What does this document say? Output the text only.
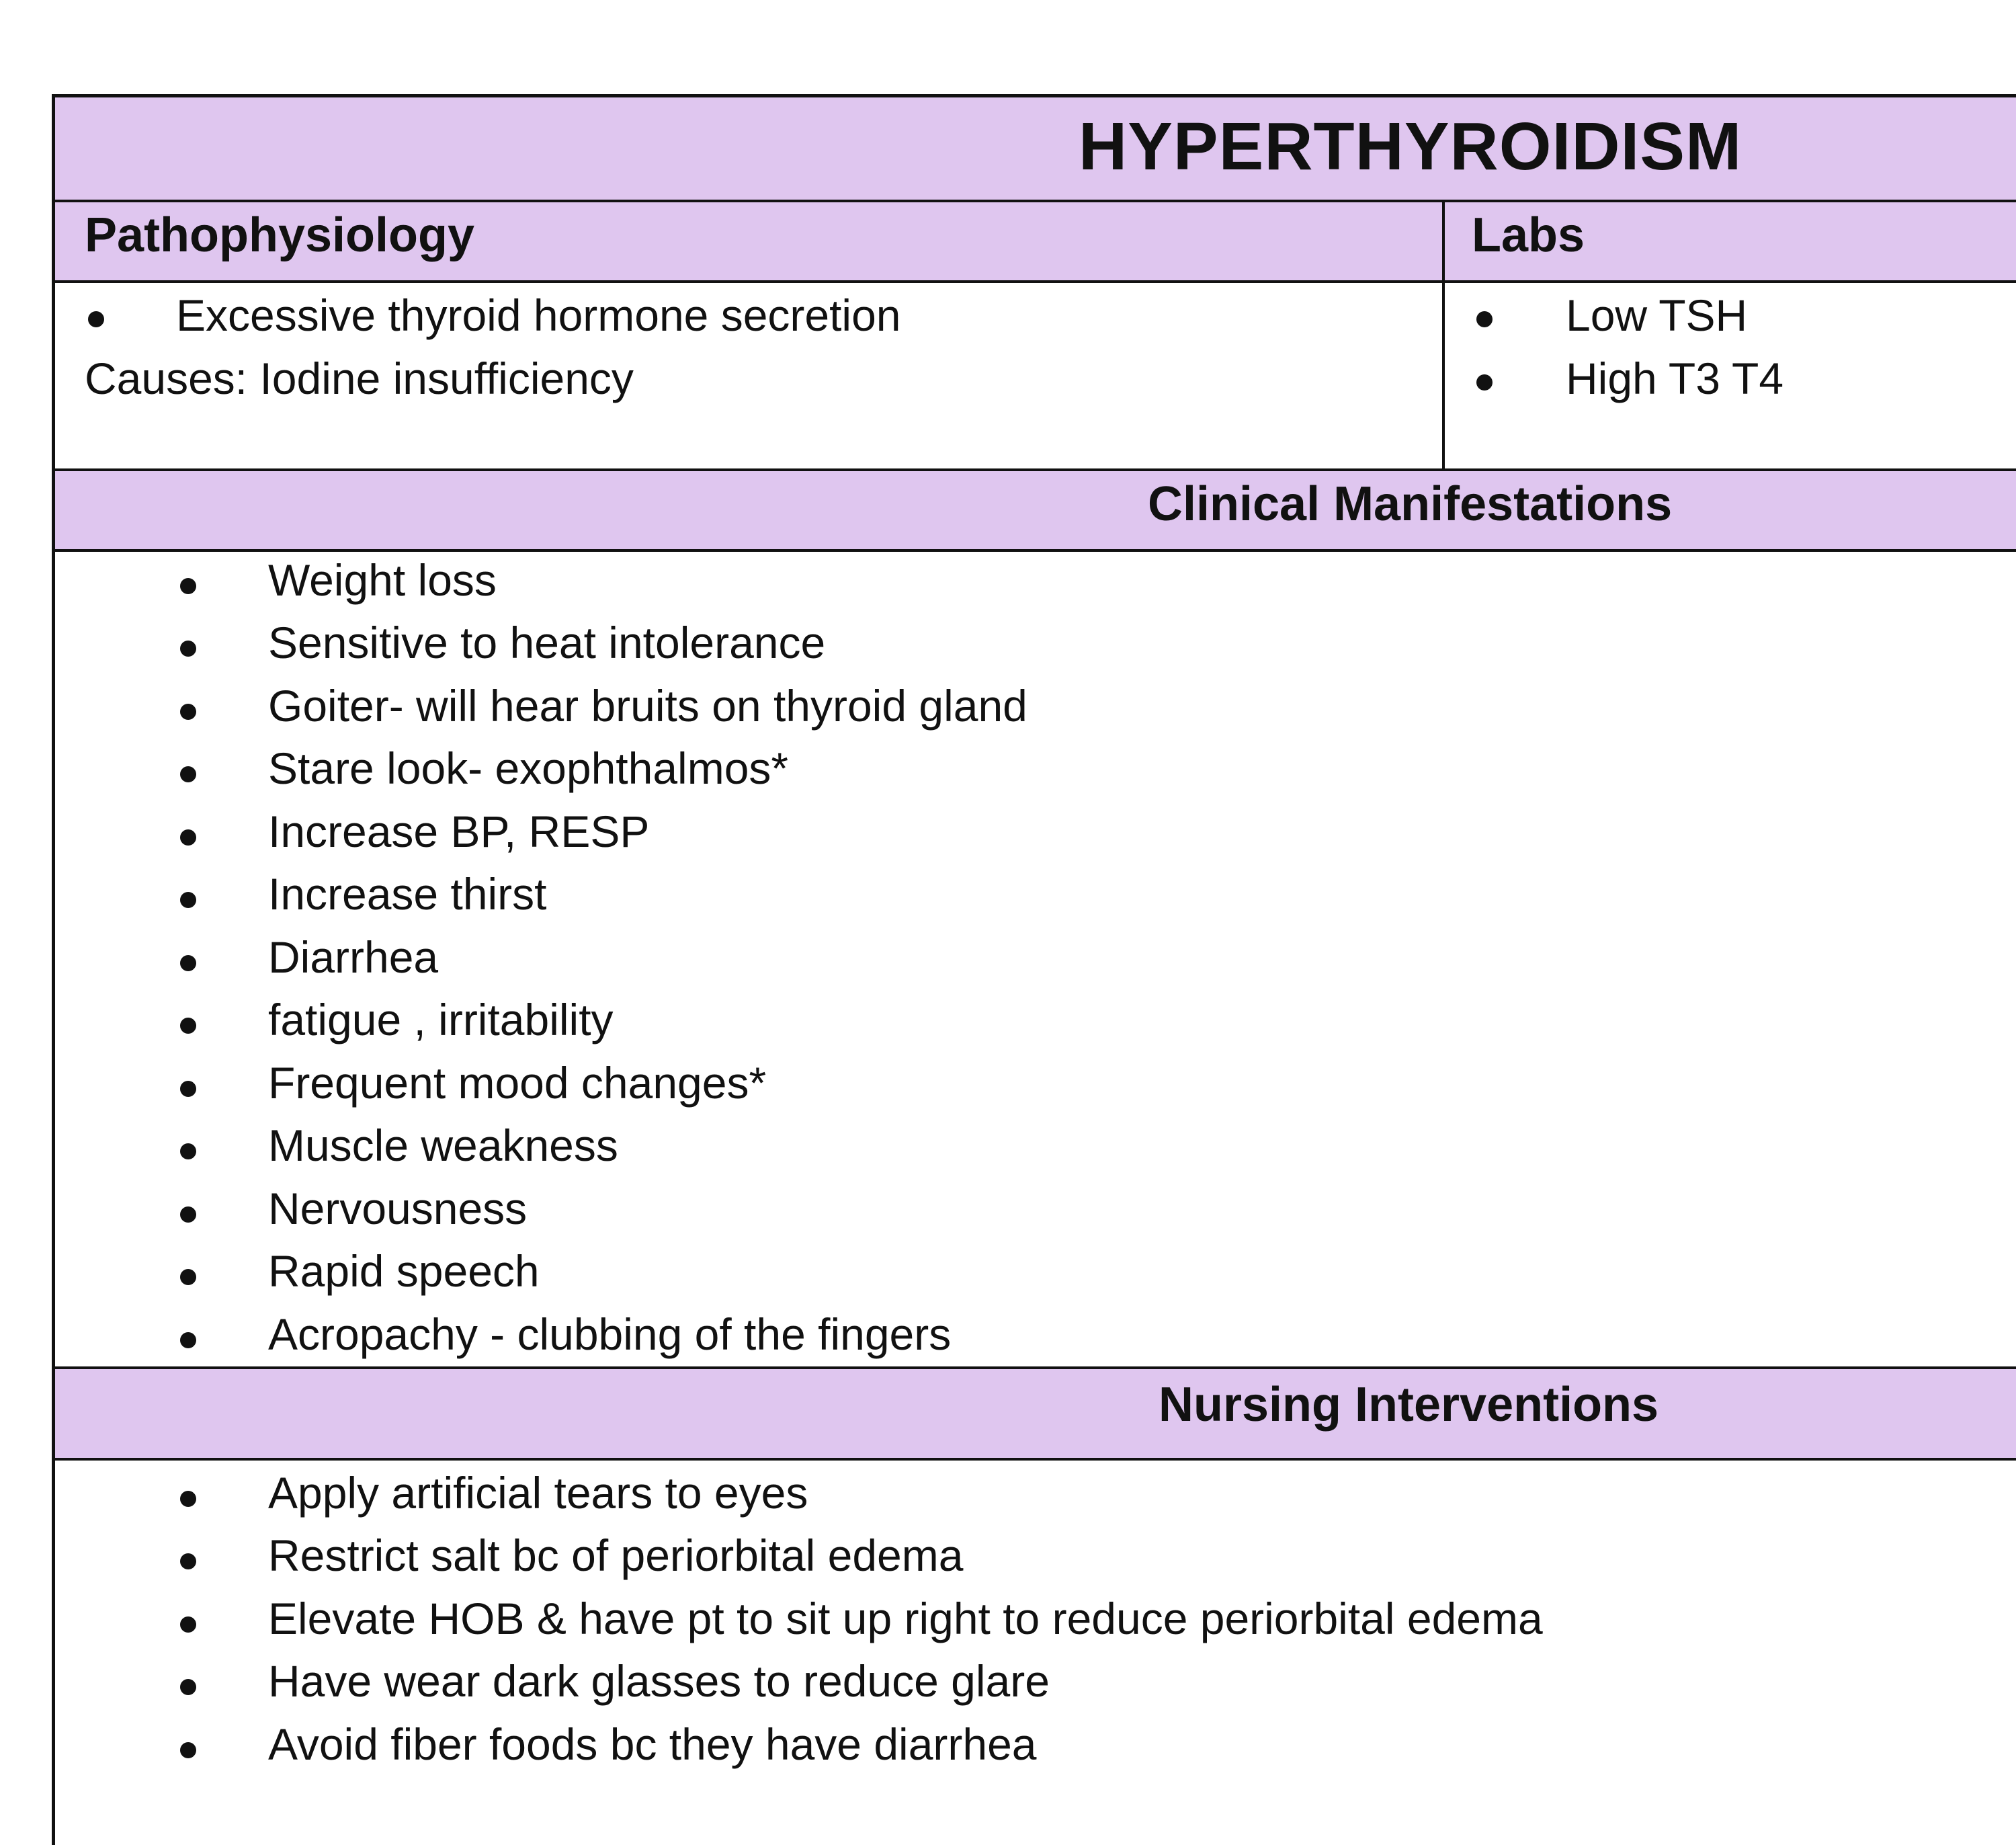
HYPERTHYROIDISM
Pathophysiology	Labs
Excessive thyroid hormone secretion
Causes: Iodine insufficiency
Low TSH
High T3 T4
Clinical Manifestations
Weight loss
Sensitive to heat intolerance
Goiter- will hear bruits on thyroid gland
Stare look- exophthalmos*
Increase BP, RESP
Increase thirst
Diarrhea
fatigue , irritability
Frequent mood changes*
Muscle weakness
Nervousness
Rapid speech
Acropachy - clubbing of the fingers
Nursing Interventions
Apply artificial tears to eyes
Restrict salt bc of periorbital edema
Elevate HOB & have pt to sit up right to reduce periorbital edema
Have wear dark glasses to reduce glare
Avoid fiber foods bc they have diarrhea
